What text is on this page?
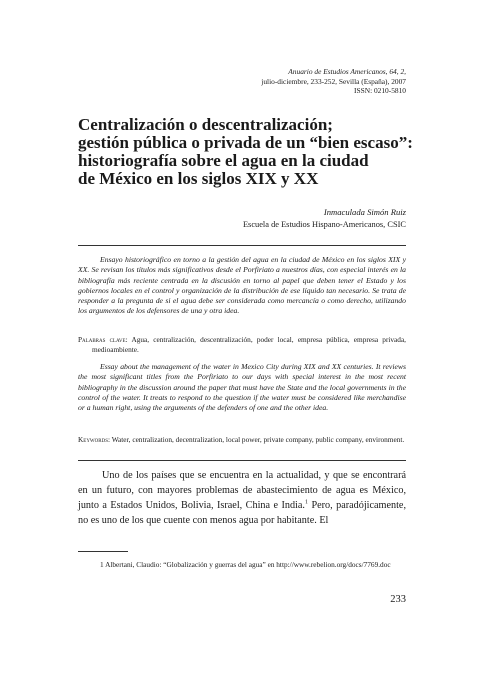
Anuario de Estudios Americanos, 64, 2,

julio-diciembre, 233-252, Sevilla (España), 2007
ISSN: 0210-5810
Centralización o descentralización;
gestión pública o privada de un “bien escaso”:
historiografía sobre el agua en la ciudad
de México en los siglos XIX y XX
Inmaculada Simón Ruiz
Escuela de Estudios Hispano-Americanos, CSIC

Ensayo historiográfico en torno a la gestión del agua en la ciudad de México en los siglos XIX y XX. Se revisan los títulos más significativos desde el Porfiriato a nuestros días, con especial interés en la bibliografía más reciente centrada en la discusión en torno al papel que deben tener el Estado y los gobiernos locales en el control y organización de la distribución de ese líquido tan necesario. Se trata de responder a la pregunta de si el agua debe ser considerada como mercancía o como derecho, utilizando los argumentos de los defensores de una y otra idea.

Palabras clave: Agua, centralización, descentralización, poder local, empresa pública, empresa privada, medioambiente.

Essay about the management of the water in Mexico City during XIX and XX centuries. It reviews the most significant titles from the Porfiriato to our days with special interest in the most recent bibliography in the discussion around the paper that must have the State and the local governments in the control of the water. It treats to respond to the question if the water must be considered like merchandise or a human right, using the arguments of the defenders of one and the other idea.

Keywords: Water, centralization, decentralization, local power, private company, public company, environment.

Uno de los países que se encuentra en la actualidad, y que se encontrará en un futuro, con mayores problemas de abastecimiento de agua es México, junto a Estados Unidos, Bolivia, Israel, China e India.$^1$ Pero, paradójicamente, no es uno de los que cuente con menos agua por habitante. El

1 Albertani, Claudio: “Globalización y guerras del agua” en http://www.rebelion.org/docs/7769.doc

233
